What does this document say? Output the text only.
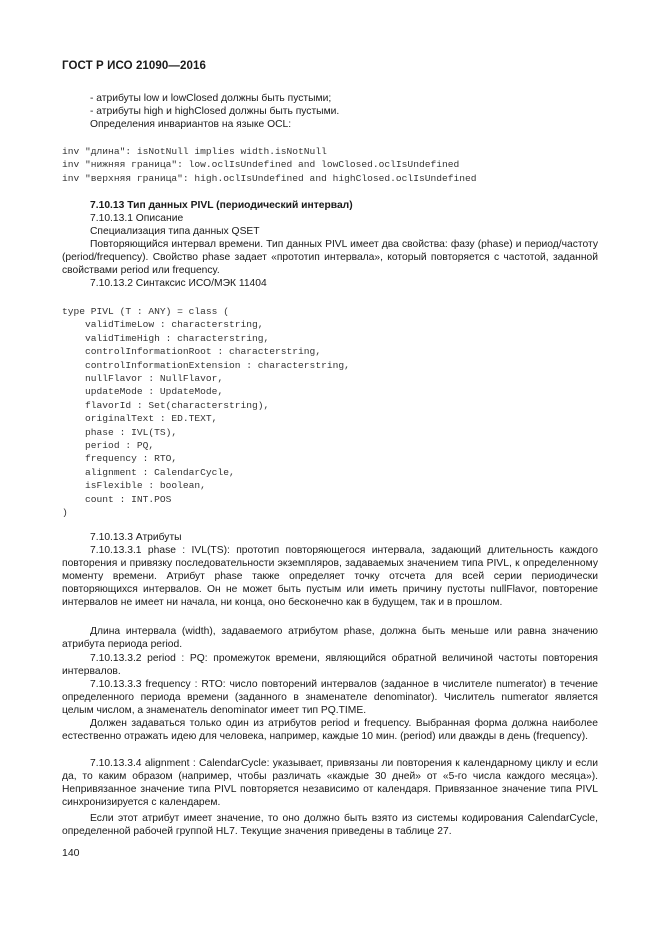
ГОСТ Р ИСО 21090—2016
- атрибуты low и lowClosed должны быть пустыми;
- атрибуты high и highClosed должны быть пустыми.
Определения инвариантов на языке OCL:
inv "длина": isNotNull implies width.isNotNull
inv "нижняя граница": low.oclIsUndefined and lowClosed.oclIsUndefined
inv "верхняя граница": high.oclIsUndefined and highClosed.oclIsUndefined
7.10.13 Тип данных PIVL (периодический интервал)
7.10.13.1 Описание
Специализация типа данных QSET
Повторяющийся интервал времени. Тип данных PIVL имеет два свойства: фазу (phase) и период/частоту (period/frequency). Свойство phase задает «прототип интервала», который повторяется с частотой, заданной свойствами period или frequency.
7.10.13.2 Синтаксис ИСО/МЭК 11404
type PIVL (T : ANY) = class (
validTimeLow : characterstring,
validTimeHigh : characterstring,
controlInformationRoot : characterstring,
controlInformationExtension : characterstring,
nullFlavor : NullFlavor,
updateMode : UpdateMode,
flavorId : Set(characterstring),
originalText : ED.TEXT,
phase : IVL(TS),
period : PQ,
frequency : RTO,
alignment : CalendarCycle,
isFlexible : boolean,
count : INT.POS
)
7.10.13.3 Атрибуты
7.10.13.3.1 phase : IVL(TS): прототип повторяющегося интервала, задающий длительность каждого повторения и привязку последовательности экземпляров, задаваемых значением типа PIVL, к определенному моменту времени. Атрибут phase также определяет точку отсчета для всей серии периодически повторяющихся интервалов. Он не может быть пустым или иметь причину пустоты nullFlavor, повторение интервалов не имеет ни начала, ни конца, оно бесконечно как в будущем, так и в прошлом.
Длина интервала (width), задаваемого атрибутом phase, должна быть меньше или равна значению атрибута периода period.
7.10.13.3.2 period : PQ: промежуток времени, являющийся обратной величиной частоты повторения интервалов.
7.10.13.3.3 frequency : RTO: число повторений интервалов (заданное в числителе numerator) в течение определенного периода времени (заданного в знаменателе denominator). Числитель numerator является целым числом, а знаменатель denominator имеет тип PQ.TIME.
Должен задаваться только один из атрибутов period и frequency. Выбранная форма должна наиболее естественно отражать идею для человека, например, каждые 10 мин. (period) или дважды в день (frequency).
7.10.13.3.4 alignment : CalendarCycle: указывает, привязаны ли повторения к календарному циклу и если да, то каким образом (например, чтобы различать «каждые 30 дней» от «5-го числа каждого месяца»). Непривязанное значение типа PIVL повторяется независимо от календаря. Привязанное значение типа PIVL синхронизируется с календарем.
Если этот атрибут имеет значение, то оно должно быть взято из системы кодирования CalendarCycle, определенной рабочей группой HL7. Текущие значения приведены в таблице 27.
140
